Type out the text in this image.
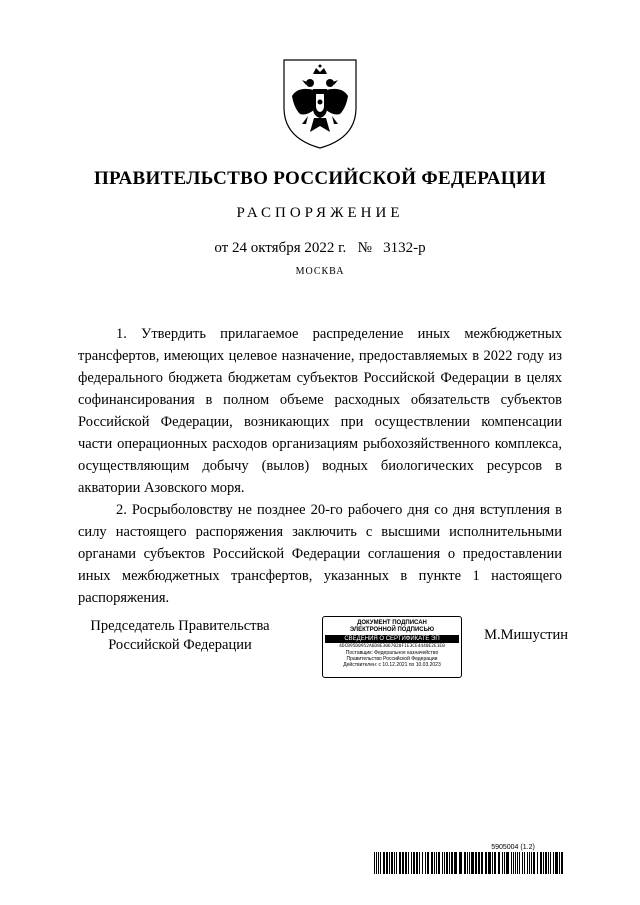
ПРАВИТЕЛЬСТВО РОССИЙСКОЙ ФЕДЕРАЦИИ
РАСПОРЯЖЕНИЕ
от 24 октября 2022 г. № 3132-р
МОСКВА

1. Утвердить прилагаемое распределение иных межбюджетных трансфертов, имеющих целевое назначение, предоставляемых в 2022 году из федерального бюджета бюджетам субъектов Российской Федерации в целях софинансирования в полном объеме расходных обязательств субъектов Российской Федерации, возникающих при осуществлении компенсации части операционных расходов организациям рыбохозяйственного комплекса, осуществляющим добычу (вылов) водных биологических ресурсов в акватории Азовского моря.

2. Росрыболовству не позднее 20-го рабочего дня со дня вступления в силу настоящего распоряжения заключить с высшими исполнительными органами субъектов Российской Федерации соглашения о предоставлении иных межбюджетных трансфертов, указанных в пункте 1 настоящего распоряжения.

Председатель Правительства
Российской Федерации
ДОКУМЕНТ ПОДПИСАН
ЭЛЕКТРОННОЙ ПОДПИСЬЮ
СВЕДЕНИЯ О СЕРТИФИКАТЕ ЭП
4DCB95D0952A6D8E3067020F1E3CE4440E2E1E0
Поставщик: Федеральное казначейство
Правительство Российской Федерации
Действителен: с 10.12.2021 по 10.03.2023
М.Мишустин
5905004 (1.2)
